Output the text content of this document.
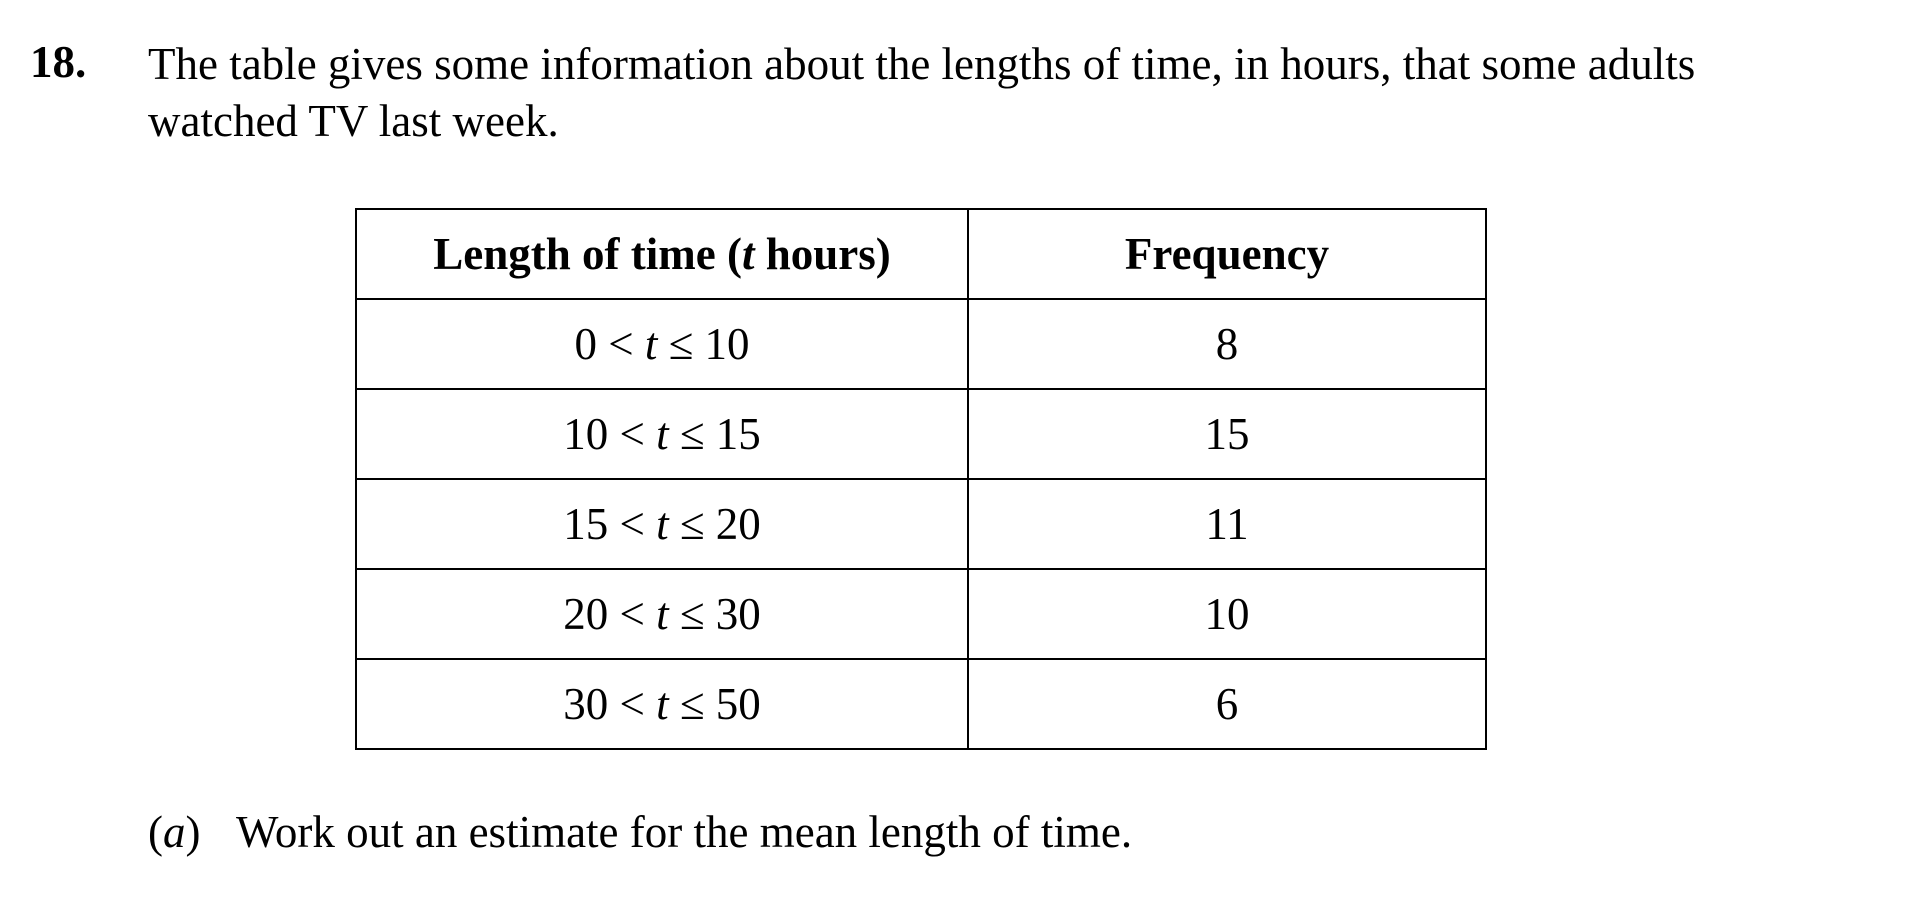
18. The table gives some information about the lengths of time, in hours, that some adults
watched TV last week.
Length of time (t hours)	Frequency
0 < t ≤ 10	8
10 < t ≤ 15	15
15 < t ≤ 20	11
20 < t ≤ 30	10
30 < t ≤ 50	6
(a) Work out an estimate for the mean length of time.
